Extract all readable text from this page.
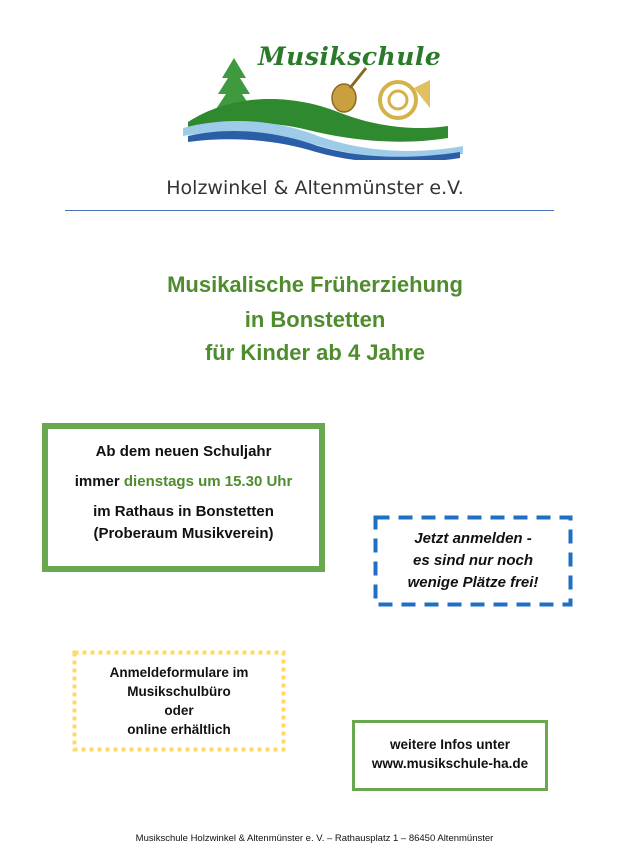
Musikschule
Holzwinkel & Altenmünster e.V.
Musikalische Früherziehung
in Bonstetten
für Kinder ab 4 Jahre
Ab dem neuen Schuljahr
immer dienstags um 15.30 Uhr
im Rathaus in Bonstetten
(Proberaum Musikverein)	Jetzt anmelden -
es sind nur noch
wenige Plätze frei!
Anmeldeformulare im
Musikschulbüro
oder
online erhältlich
weitere Infos unter
www.musikschule-ha.de
Musikschule Holzwinkel & Altenmünster e. V. – Rathausplatz 1 – 86450 Altenmünster
